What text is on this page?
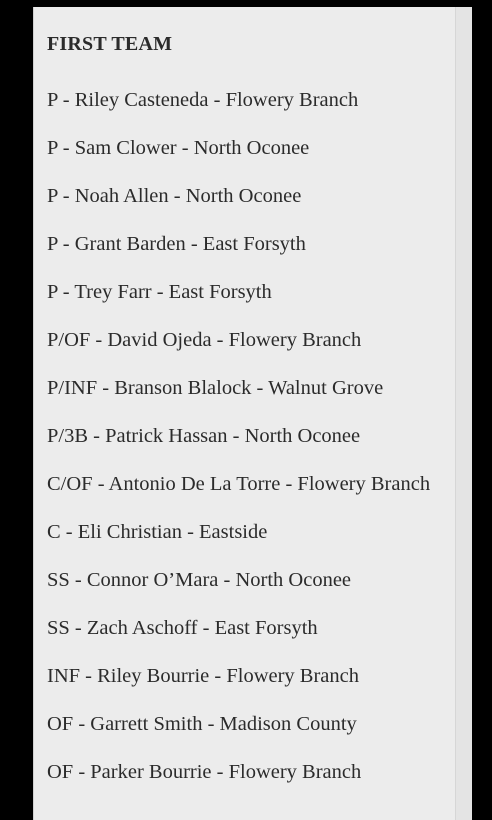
FIRST TEAM
P - Riley Casteneda - Flowery Branch
P - Sam Clower - North Oconee
P - Noah Allen - North Oconee
P - Grant Barden - East Forsyth
P - Trey Farr - East Forsyth
P/OF - David Ojeda - Flowery Branch
P/INF - Branson Blalock - Walnut Grove
P/3B - Patrick Hassan - North Oconee
C/OF - Antonio De La Torre - Flowery Branch
C - Eli Christian - Eastside
SS - Connor O’Mara - North Oconee
SS - Zach Aschoff - East Forsyth
INF - Riley Bourrie - Flowery Branch
OF - Garrett Smith - Madison County
OF - Parker Bourrie - Flowery Branch
